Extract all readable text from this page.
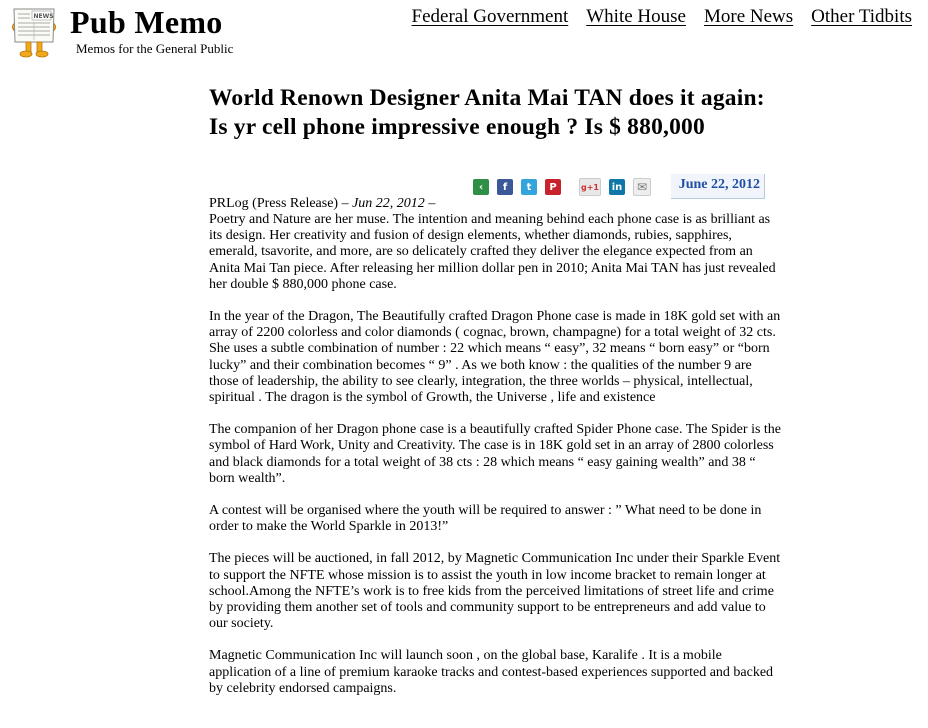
NEWS Pub Memo
Memos for the General Public
Federal Government White House More News Other Tidbits
World Renown Designer Anita Mai TAN does it again: Is yr cell phone impressive enough ? Is $ 880,000
‹	f	t	P	g+1 in	✉	June 22, 2012
PRLog (Press Release) – Jun 22, 2012 –

Poetry and Nature are her muse. The intention and meaning behind each phone case is as brilliant as its design. Her creativity and fusion of design elements, whether diamonds, rubies, sapphires, emerald, tsavorite, and more, are so delicately crafted they deliver the elegance expected from an Anita Mai Tan piece. After releasing her million dollar pen in 2010; Anita Mai TAN has just revealed her double $ 880,000 phone case.

In the year of the Dragon, The Beautifully crafted Dragon Phone case is made in 18K gold set with an array of 2200 colorless and color diamonds ( cognac, brown, champagne) for a total weight of 32 cts. She uses a subtle combination of number : 22 which means “ easy”, 32 means “ born easy” or “born lucky” and their combination becomes “ 9” . As we both know : the qualities of the number 9 are those of leadership, the ability to see clearly, integration, the three worlds – physical, intellectual, spiritual . The dragon is the symbol of Growth, the Universe , life and existence

The companion of her Dragon phone case is a beautifully crafted Spider Phone case. The Spider is the symbol of Hard Work, Unity and Creativity. The case is in 18K gold set in an array of 2800 colorless and black diamonds for a total weight of 38 cts : 28 which means “ easy gaining wealth” and 38 “ born wealth”.

A contest will be organised where the youth will be required to answer : ” What need to be done in order to make the World Sparkle in 2013!”

The pieces will be auctioned, in fall 2012, by Magnetic Communication Inc under their Sparkle Event to support the NFTE whose mission is to assist the youth in low income bracket to remain longer at school.Among the NFTE’s work is to free kids from the perceived limitations of street life and crime by providing them another set of tools and community support to be entrepreneurs and add value to our society.

Magnetic Communication Inc will launch soon , on the global base, Karalife . It is a mobile application of a line of premium karaoke tracks and contest-based experiences supported and backed by celebrity endorsed campaigns.
